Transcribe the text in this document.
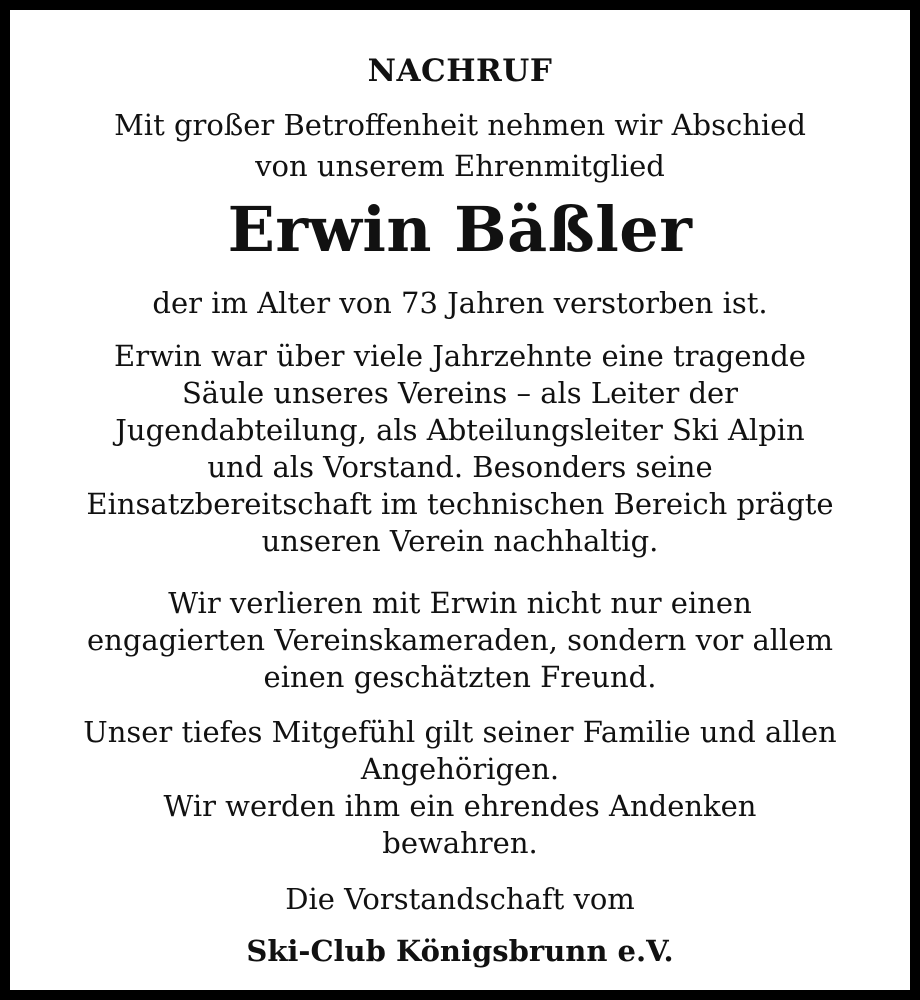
NACHRUF
Mit großer Betroffenheit nehmen wir Abschied
von unserem Ehrenmitglied
Erwin Bäßler
der im Alter von 73 Jahren verstorben ist.
Erwin war über viele Jahrzehnte eine tragende
Säule unseres Vereins – als Leiter der
Jugendabteilung, als Abteilungsleiter Ski Alpin
und als Vorstand. Besonders seine
Einsatzbereitschaft im technischen Bereich prägte
unseren Verein nachhaltig.
Wir verlieren mit Erwin nicht nur einen
engagierten Vereinskameraden, sondern vor allem
einen geschätzten Freund.
Unser tiefes Mitgefühl gilt seiner Familie und allen
Angehörigen.
Wir werden ihm ein ehrendes Andenken
bewahren.
Die Vorstandschaft vom
Ski-Club Königsbrunn e.V.
